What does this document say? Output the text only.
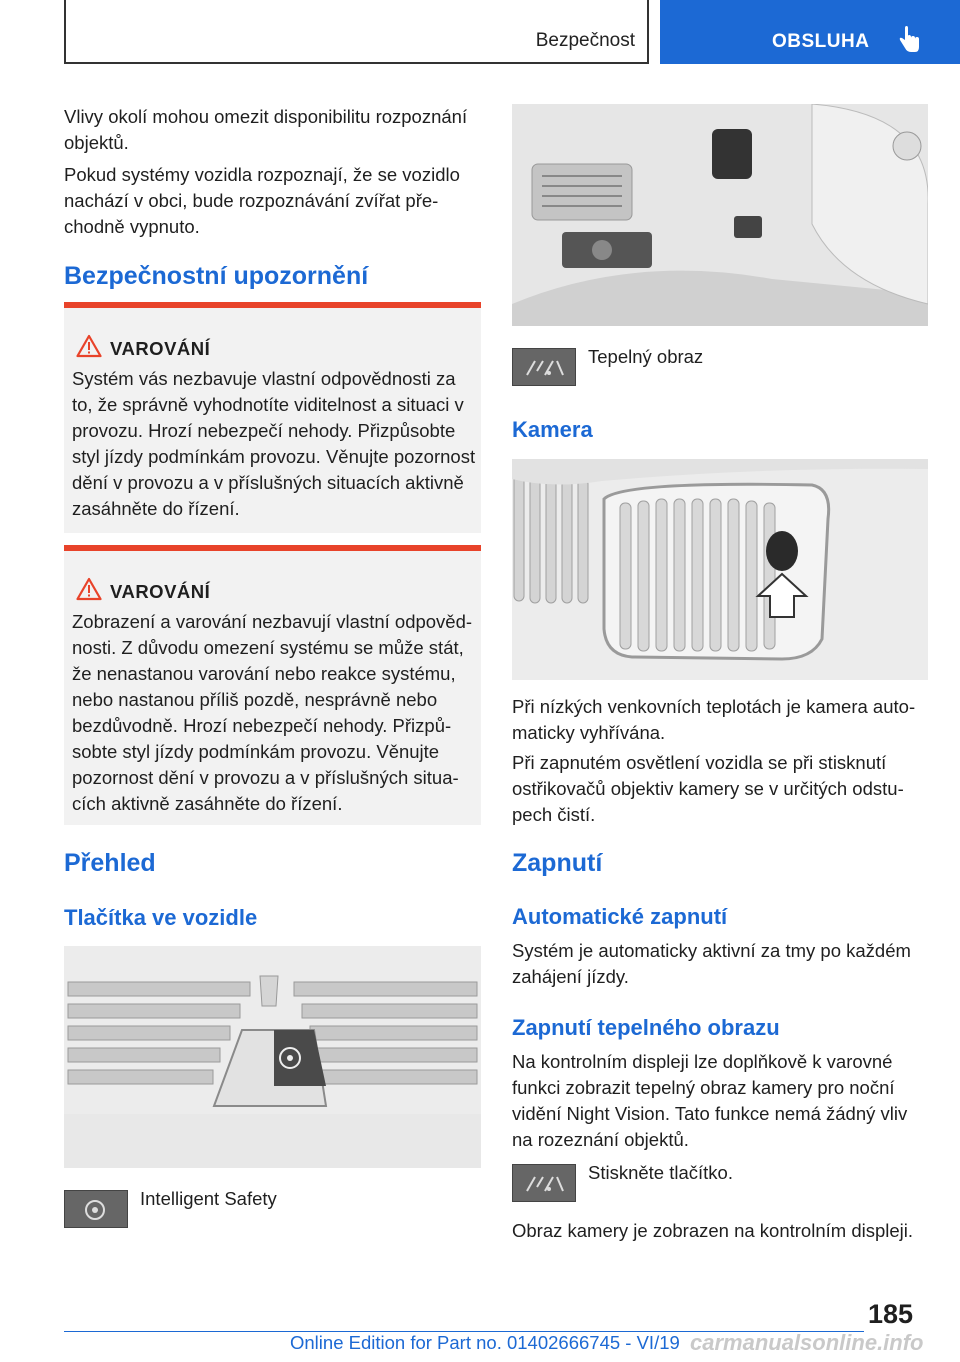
Bezpečnost	OBSLUHA

Vlivy okolí mohou omezit disponibilitu rozpoznání objektů.

Pokud systémy vozidla rozpoznají, že se vozidlo nachází v obci, bude rozpoznávání zvířat přechodně vypnuto.

Bezpečnostní upozornění
VAROVÁNÍ

Systém vás nezbavuje vlastní odpovědnosti za to, že správně vyhodnotíte viditelnost a situaci v provozu. Hrozí nebezpečí nehody. Přizpůsobte styl jízdy podmínkám provozu. Věnujte pozornost dění v provozu a v příslušných situacích aktivně zasáhněte do řízení.

VAROVÁNÍ

Zobrazení a varování nezbavují vlastní odpovědnosti. Z důvodu omezení systému se může stát, že nenastanou varování nebo reakce systému, nebo nastanou příliš pozdě, nesprávně nebo bezdůvodně. Hrozí nebezpečí nehody. Přizpůsobte styl jízdy podmínkám provozu. Věnujte pozornost dění v provozu a v příslušných situacích aktivně zasáhněte do řízení.

Přehled
Tlačítka ve vozidle
Intelligent Safety
Tepelný obraz
Kamera

Při nízkých venkovních teplotách je kamera automaticky vyhřívána.

Při zapnutém osvětlení vozidla se při stisknutí ostřikovačů objektiv kamery se v určitých odstupech čistí.

Zapnutí
Automatické zapnutí

Systém je automaticky aktivní za tmy po každém zahájení jízdy.

Zapnutí tepelného obrazu

Na kontrolním displeji lze doplňkově k varovné funkci zobrazit tepelný obraz kamery pro noční vidění Night Vision. Tato funkce nemá žádný vliv na rozeznání objektů.

Stiskněte tlačítko.

Obraz kamery je zobrazen na kontrolním displeji.

185
Online Edition for Part no. 01402666745 - VI/19 carmanualsonline.info
